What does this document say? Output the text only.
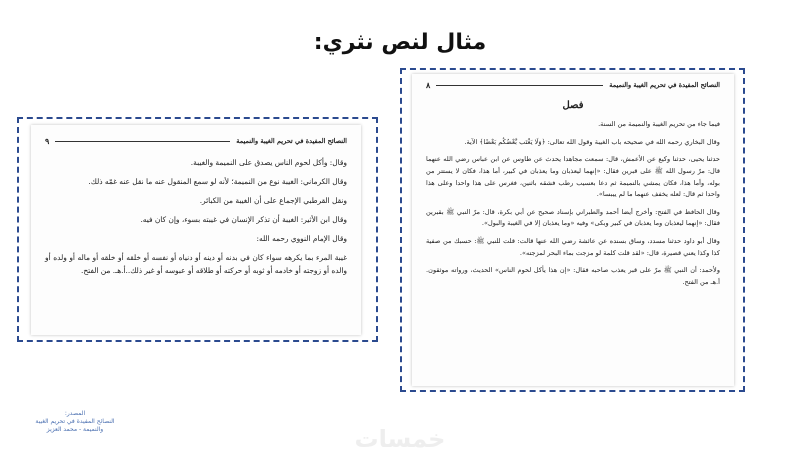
مثال لنص نثري:
النصائح المفيدة في تحريم الغيبة والنميمة
٩

وقال: وأكل لحوم الناس يصدق على النميمة والغيبة.

وقال الكرماني: الغيبة نوع من النميمة؛ لأنه لو سمع المنقول عنه ما نقل عنه غمّه ذلك.

ونقل القرطبي الإجماع على أن الغيبة من الكبائر.

وقال ابن الأثير: الغيبة أن تذكر الإنسان في غيبته بسوء، وإن كان فيه.

وقال الإمام النووي رحمه الله:

غيبة المرء بما يكرهه سواء كان في بدنه أو دينه أو دنياه أو نفسه أو خلقه أو خلقه أو ماله أو ولده أو والده أو زوجته أو خادمه أو ثوبه أو حركته أو طلاقه أو عبوسه أو غير ذلك..أ.هـ. من الفتح.

النصائح المفيدة في تحريم الغيبة والنميمة
٨
فصل

فيما جاء من تحريم الغيبة والنميمة من السنة.

وقال البخاري رحمه الله في صحيحه باب الغيبة وقول الله تعالى: ﴿وَلَا يَغْتَب بَّعْضُكُم بَعْضًا﴾ الآية.

حدثنا يحيى، حدثنا وكيع عن الأعمش، قال: سمعت مجاهدا يحدث عن طاوس عن ابن عباس رضي الله عنهما قال: مرّ رسول الله ﷺ على قبرين فقال: «إنهما ليعذبان وما يعذبان في كبير، أما هذا، فكان لا يستتر من بوله، وأما هذا، فكان يمشي بالنميمة ثم دعا بعسيب رطب فشقه باثنين، فغرس على هذا واحدا وعلى هذا واحدا ثم قال: لعله يخفف عنهما ما لم ييبسا».

وقال الحافظ في الفتح: وأخرج أيضا أحمد والطبراني بإسناد صحيح عن أبي بكرة، قال: مرّ النبي ﷺ بقبرين فقال: «إنهما ليعذبان وما يعذبان في كبير وبكى» وفيه «وما يعذبان إلا في الغيبة والبول».

وقال أبو داود حدثنا مسدد، وساق بسنده عن عائشة رضي الله عنها قالت: قلت للنبي ﷺ: حسبك من صفية كذا وكذا يعني قصيرة، قال: «لقد قلت كلمة لو مزجت بماء البحر لمزجته».

ولأحمد: أن النبي ﷺ مرّ على قبر يعذب صاحبه فقال: «إن هذا يأكل لحوم الناس» الحديث، ورواته موثقون. أ.هـ من الفتح.

المصدر:
النصائح المفيدة في تحريم الغيبة
والنميمة - محمد العزيز	خمسات
